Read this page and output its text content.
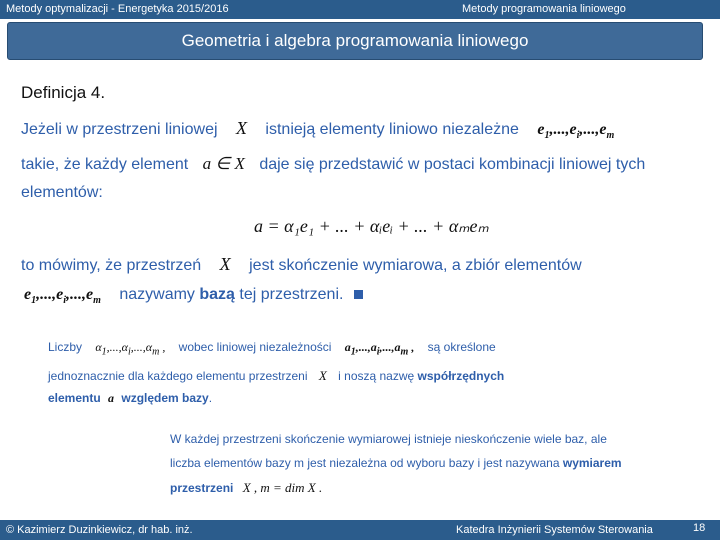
Metody optymalizacji - Energetyka 2015/2016	Metody programowania liniowego
Geometria i algebra programowania liniowego
Definicja 4.
Jeżeli w przestrzeni liniowej X istnieją elementy liniowo niezależne $e_1,...,e_i,...,e_m$
takie, że każdy element a ∈ X daje się przedstawić w postaci kombinacji liniowej tych
elementów:
a = α₁e₁ + ... + αᵢeᵢ + ... + αₘeₘ
to mówimy, że przestrzeń X jest skończenie wymiarowa, a zbiór elementów
$e_1,...,e_i,...,e_m$ nazywamy bazą tej przestrzeni.
Liczby $\alpha_1,...,\alpha_i,...,\alpha_m$ , wobec liniowej niezależności $a_1,...,a_i,...,a_m$ , są określone
jednoznacznie dla każdego elementu przestrzeni X i noszą nazwę współrzędnych
elementu a względem bazy.
W każdej przestrzeni skończenie wymiarowej istnieje nieskończenie wiele baz, ale
liczba elementów bazy m jest niezależna od wyboru bazy i jest nazywana wymiarem
przestrzeni X , m = dim X .
© Kazimierz Duzinkiewicz, dr hab. inż.	Katedra Inżynierii Systemów Sterowania	18
